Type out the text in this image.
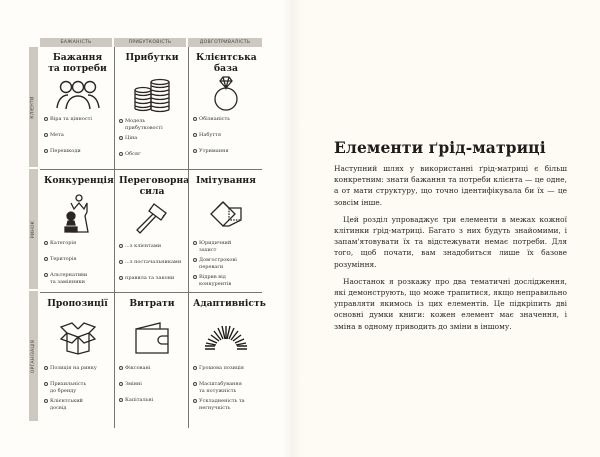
БАЖАНІСТЬ	ПРИБУТКОВІСТЬ	ДОВГОТРИВАЛІСТЬ
КЛІЄНТИ
РИНОК
ОРГАНІЗАЦІЯ
Бажання та потреби
Віра та цінності
Мета
Перешкоди
Прибутки
Модель прибутковості
Ціна
Обсяг
Клієнтська база
Обізнаність
Набуття
Утримання
Конкуренція
Категорія
Територія
Альтернативи та замінники
Переговорна сила
...з клієнтами
...з постачальниками
правила та закони
Імітування
Юридичний захист
Довгострокові переваги
Відрив від конкурентів
Пропозиції
Позиція на ринку
Прихильність до бренду
Клієнтський досвід
Витрати
Фіксовані
Змінні
Капітальні
Адаптивність
Грошова позиція
Масштабування та потужність
Ускладненість та негнучкість
Елементи ґрід-матриці

Наступний шлях у використанні ґрід-матриці є більш конкретним: знати бажання та потреби клієнта — це одне, а от мати структуру, що точно ідентифікувала би їх — це зовсім інше.

Цей розділ упроваджує три елементи в межах кожної клітинки ґрід-матриці. Багато з них будуть знайомими, і запам'ятовувати їх та відстежувати немає потреби. Для того, щоб почати, вам знадобиться лише їх базове розуміння.

Наостанок я розкажу про два тематичні дослідження, які демонструють, що може трапитися, якщо неправильно управляти якимось із цих елементів. Це підкріпить дві основні думки книги: кожен елемент має значення, і зміна в одному приводить до зміни в іншому.
